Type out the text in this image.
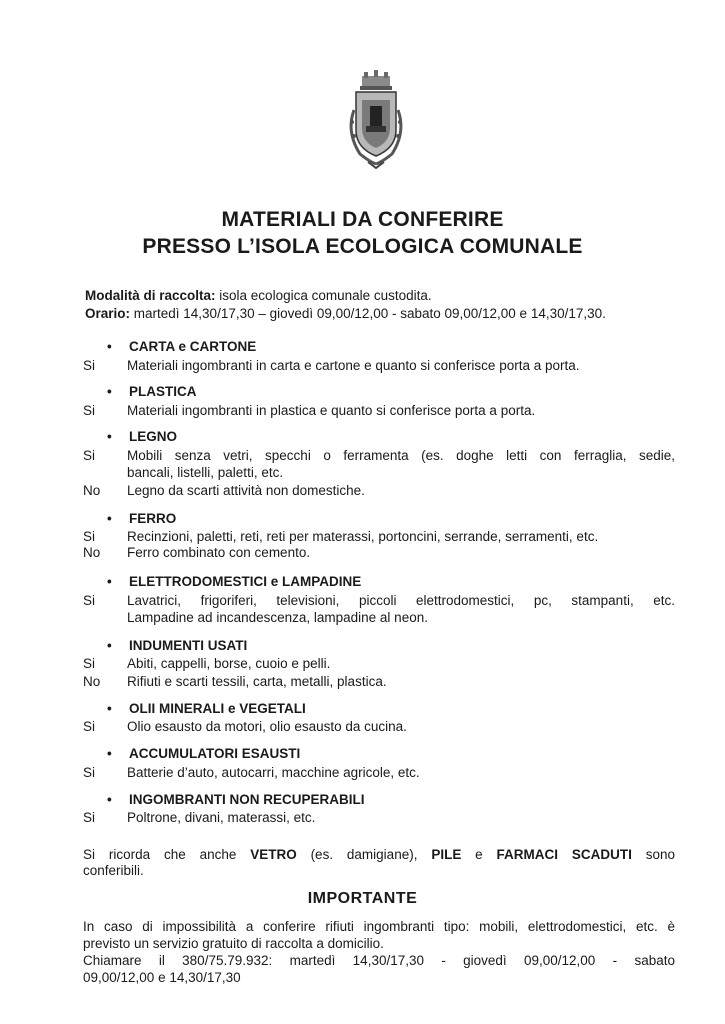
MATERIALI DA CONFERIRE
PRESSO L’ISOLA ECOLOGICA COMUNALE
Modalità di raccolta: isola ecologica comunale custodita.
Orario: martedì 14,30/17,30 – giovedì 09,00/12,00 - sabato 09,00/12,00 e 14,30/17,30.
• CARTA e CARTONE
Si Materiali ingombranti in carta e cartone e quanto si conferisce porta a porta.
• PLASTICA
Si Materiali ingombranti in plastica e quanto si conferisce porta a porta.
• LEGNO
Si Mobili senza vetri, specchi o ferramenta (es. doghe letti con ferraglia, sedie,
bancali, listelli, paletti, etc.
No Legno da scarti attività non domestiche.
• FERRO
Si Recinzioni, paletti, reti, reti per materassi, portoncini, serrande, serramenti, etc.
No Ferro combinato con cemento.
• ELETTRODOMESTICI e LAMPADINE
Si Lavatrici, frigoriferi, televisioni, piccoli elettrodomestici, pc, stampanti, etc.
Lampadine ad incandescenza, lampadine al neon.
• INDUMENTI USATI
Si Abiti, cappelli, borse, cuoio e pelli.
No Rifiuti e scarti tessili, carta, metalli, plastica.
• OLII MINERALI e VEGETALI
Si Olio esausto da motori, olio esausto da cucina.
• ACCUMULATORI ESAUSTI
Si Batterie d’auto, autocarri, macchine agricole, etc.
• INGOMBRANTI NON RECUPERABILI
Si Poltrone, divani, materassi, etc.
Si ricorda che anche VETRO (es. damigiane), PILE e FARMACI SCADUTI sono
conferibili.
IMPORTANTE
In caso di impossibilità a conferire rifiuti ingombranti tipo: mobili, elettrodomestici, etc. è
previsto un servizio gratuito di raccolta a domicilio.
Chiamare il 380/75.79.932: martedì 14,30/17,30 - giovedì 09,00/12,00 - sabato
09,00/12,00 e 14,30/17,30
